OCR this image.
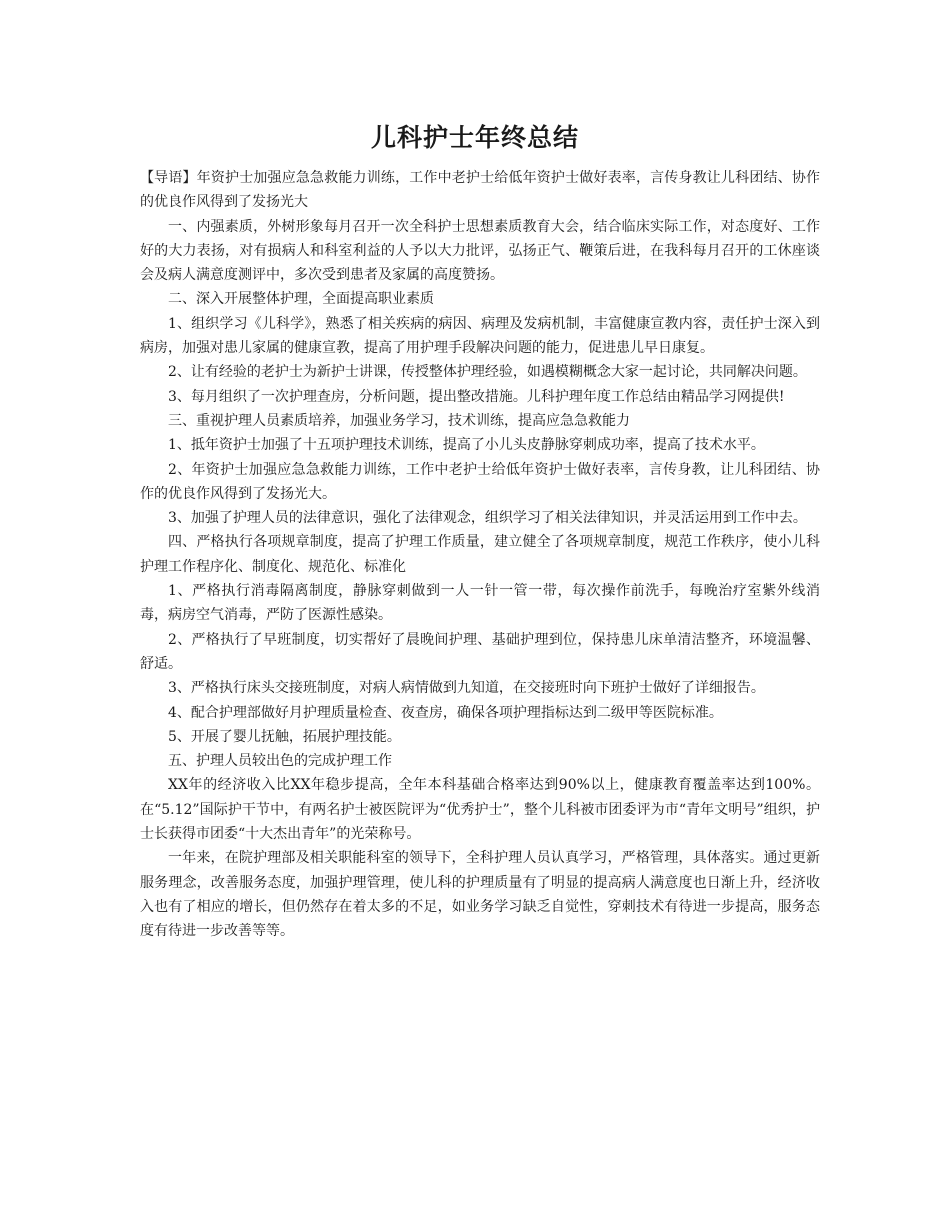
儿科护士年终总结

【导语】年资护士加强应急急救能力训练，工作中老护士给低年资护士做好表率，言传身教让儿科团结、协作的优良作风得到了发扬光大

一、内强素质，外树形象每月召开一次全科护士思想素质教育大会，结合临床实际工作，对态度好、工作好的大力表扬，对有损病人和科室利益的人予以大力批评，弘扬正气、鞭策后进，在我科每月召开的工休座谈会及病人满意度测评中，多次受到患者及家属的高度赞扬。

二、深入开展整体护理，全面提高职业素质

1、组织学习《儿科学》，熟悉了相关疾病的病因、病理及发病机制，丰富健康宣教内容，责任护士深入到病房，加强对患儿家属的健康宣教，提高了用护理手段解决问题的能力，促进患儿早日康复。

2、让有经验的老护士为新护士讲课，传授整体护理经验，如遇模糊概念大家一起讨论，共同解决问题。

3、每月组织了一次护理查房，分析问题，提出整改措施。儿科护理年度工作总结由精品学习网提供!

三、重视护理人员素质培养，加强业务学习，技术训练，提高应急急救能力

1、抵年资护士加强了十五项护理技术训练，提高了小儿头皮静脉穿刺成功率，提高了技术水平。

2、年资护士加强应急急救能力训练，工作中老护士给低年资护士做好表率，言传身教，让儿科团结、协作的优良作风得到了发扬光大。

3、加强了护理人员的法律意识，强化了法律观念，组织学习了相关法律知识，并灵活运用到工作中去。

四、严格执行各项规章制度，提高了护理工作质量，建立健全了各项规章制度，规范工作秩序，使小儿科护理工作程序化、制度化、规范化、标准化

1、严格执行消毒隔离制度，静脉穿刺做到一人一针一管一带，每次操作前洗手，每晚治疗室紫外线消毒，病房空气消毒，严防了医源性感染。

2、严格执行了早班制度，切实帮好了晨晚间护理、基础护理到位，保持患儿床单清洁整齐，环境温馨、舒适。

3、严格执行床头交接班制度，对病人病情做到九知道，在交接班时向下班护士做好了详细报告。

4、配合护理部做好月护理质量检查、夜查房，确保各项护理指标达到二级甲等医院标准。

5、开展了婴儿抚触，拓展护理技能。

五、护理人员较出色的完成护理工作

XX年的经济收入比XX年稳步提高，全年本科基础合格率达到90%以上，健康教育覆盖率达到100%。在“5.12”国际护干节中，有两名护士被医院评为“优秀护士”，整个儿科被市团委评为市“青年文明号”组织，护士长获得市团委“十大杰出青年”的光荣称号。

一年来，在院护理部及相关职能科室的领导下，全科护理人员认真学习，严格管理，具体落实。通过更新服务理念，改善服务态度，加强护理管理，使儿科的护理质量有了明显的提高病人满意度也日渐上升，经济收入也有了相应的增长，但仍然存在着太多的不足，如业务学习缺乏自觉性，穿刺技术有待进一步提高，服务态度有待进一步改善等等。
